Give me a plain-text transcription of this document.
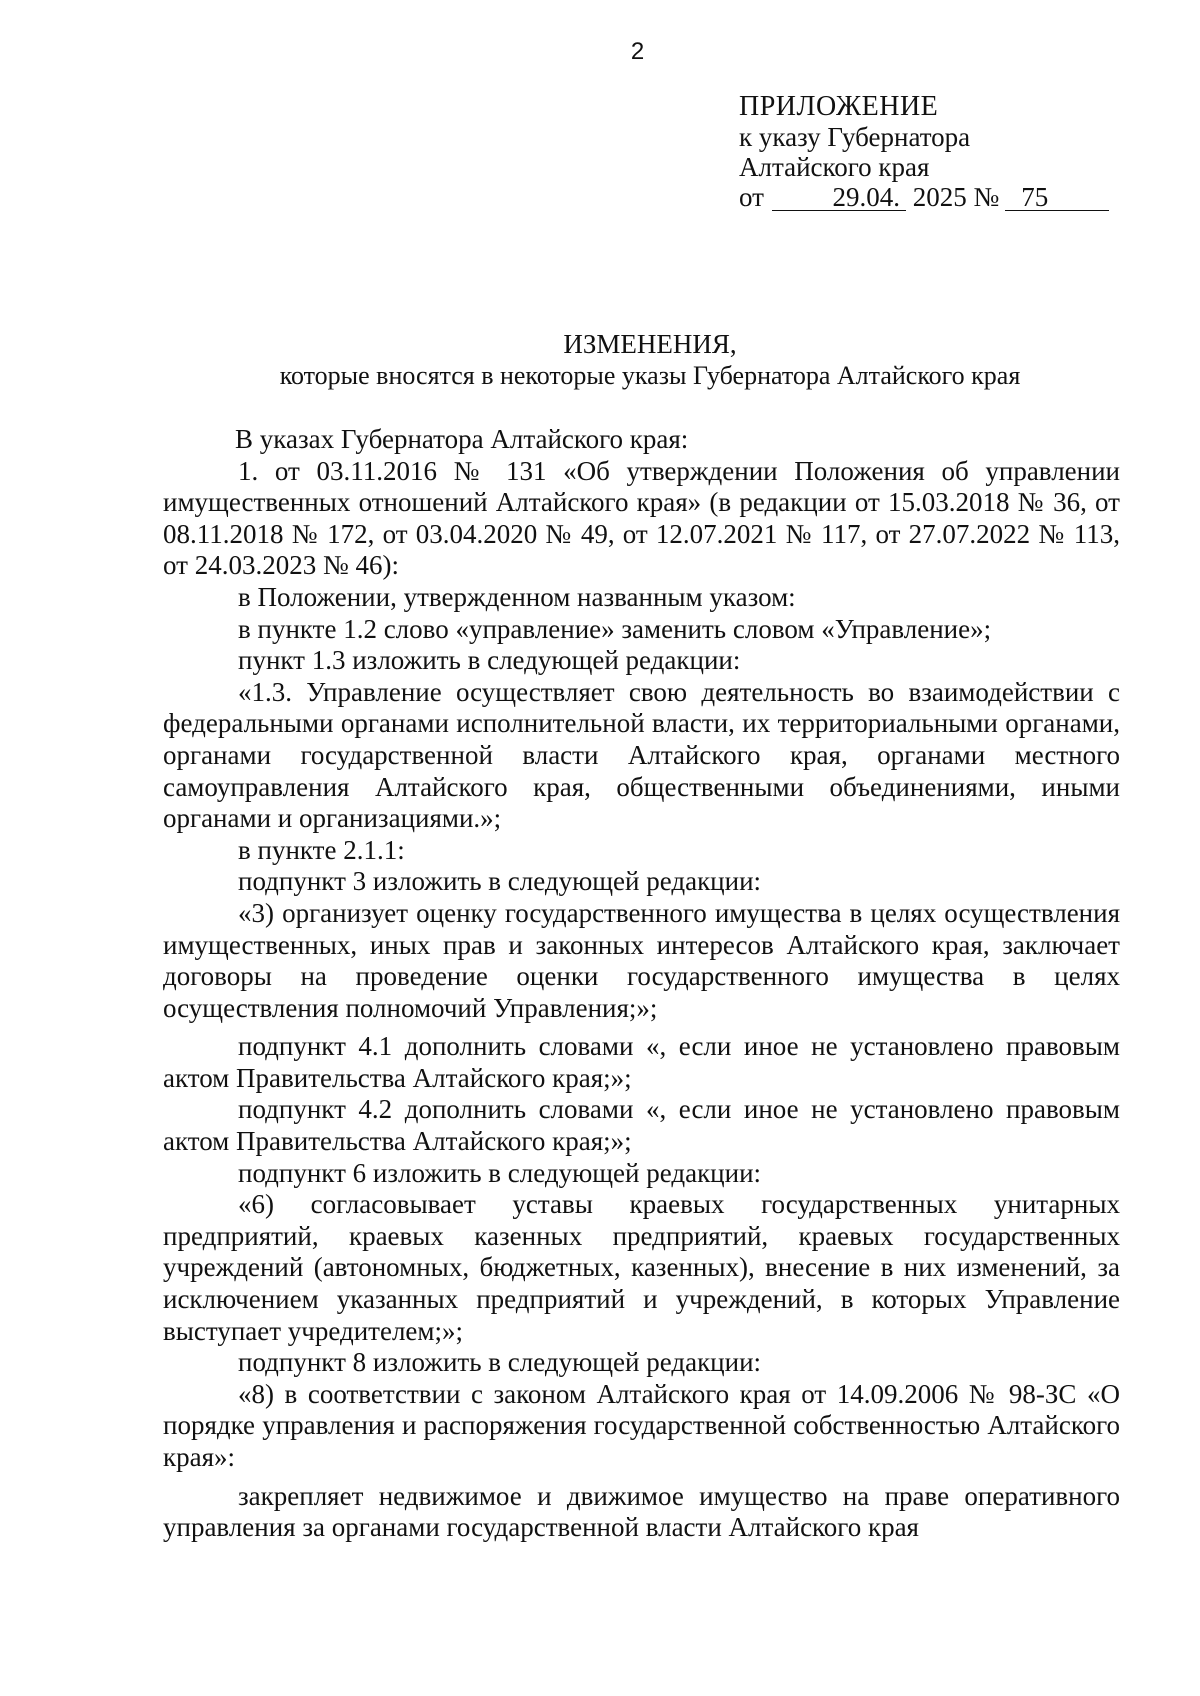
2
ПРИЛОЖЕНИЕ
к указу Губернатора
Алтайского края
от	29.04. 2025 № 75
ИЗМЕНЕНИЯ,
которые вносятся в некоторые указы Губернатора Алтайского края

В указах Губернатора Алтайского края:

1. от 03.11.2016 № 131 «Об утверждении Положения об управлении имущественных отношений Алтайского края» (в редакции от 15.03.2018 № 36, от 08.11.2018 № 172, от 03.04.2020 № 49, от 12.07.2021 № 117, от 27.07.2022 № 113, от 24.03.2023 № 46):

в Положении, утвержденном названным указом:

в пункте 1.2 слово «управление» заменить словом «Управление»;

пункт 1.3 изложить в следующей редакции:

«1.3. Управление осуществляет свою деятельность во взаимодействии с федеральными органами исполнительной власти, их территориальными органами, органами государственной власти Алтайского края, органами местного самоуправления Алтайского края, общественными объединениями, иными органами и организациями.»;

в пункте 2.1.1:

подпункт 3 изложить в следующей редакции:

«3) организует оценку государственного имущества в целях осуществления имущественных, иных прав и законных интересов Алтайского края, заключает договоры на проведение оценки государственного имущества в целях осуществления полномочий Управления;»;

подпункт 4.1 дополнить словами «, если иное не установлено правовым актом Правительства Алтайского края;»;

подпункт 4.2 дополнить словами «, если иное не установлено правовым актом Правительства Алтайского края;»;

подпункт 6 изложить в следующей редакции:

«6) согласовывает уставы краевых государственных унитарных предприятий, краевых казенных предприятий, краевых государственных учреждений (автономных, бюджетных, казенных), внесение в них изменений, за исключением указанных предприятий и учреждений, в которых Управление выступает учредителем;»;

подпункт 8 изложить в следующей редакции:

«8) в соответствии с законом Алтайского края от 14.09.2006 № 98-ЗС «О порядке управления и распоряжения государственной собственностью Алтайского края»:

закрепляет недвижимое и движимое имущество на праве оперативного управления за органами государственной власти Алтайского края
